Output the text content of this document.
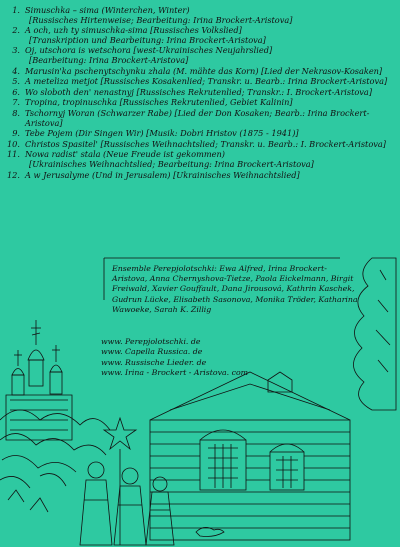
1. Simuschka – sima (Winterchen, Winter)
[Russisches Hirtenweise; Bearbeitung: Irina Brockert-Aristova]
2. A och, uzh ty simuschka-sima [Russisches Volkslied]
[Transkription und Bearbeitung: Irina Brockert-Aristova]
3. Oj, utschora is wetschora [west-Ukrainisches Neujahrslied]
[Bearbeitung: Irina Brockert-Aristova]
4. Marusin'ka pschenytschynku zhala (M. mähte das Korn) [Lied der Nekrasov-Kosaken]
5. A meteliza metjot [Russisches Kosakenlied; Transkr. u. Bearb.: Irina Brockert-Aristova]
6. Wo sloboth den' nenastnyj [Russisches Rekrutenlied; Transkr.: I. Brockert-Aristova]
7. Tropina, tropinuschka [Russisches Rekrutenlied, Gebiet Kalinin]
8. Tschornyj Woran (Schwarzer Rabe) [Lied der Don Kosaken; Bearb.: Irina Brockert-Aristova]
9. Tebe Pojem (Dir Singen Wir) [Musik: Dobri Hristov (1875 - 1941)]
10. Christos Spasitel' [Russisches Weihnachtslied; Transkr. u. Bearb.: I. Brockert-Aristova]
11. Nowa radist' stala (Neue Freude ist gekommen)
[Ukrainisches Weihnachtslied; Bearbeitung: Irina Brockert-Aristova]
12. A w Jerusalyme (Und in Jerusalem) [Ukrainisches Weihnachtslied]
Ensemble Perepjolotschki: Ewa Alfred, Irina Brockert-Aristova, Anna Chernyshova-Tietze, Paola Eickelmann, Birgit Freiwald, Xavier Gouffault, Dana Jirousová, Kathrin Kaschek, Gudrun Lücke, Elisabeth Sasonova, Monika Tröder, Katharina Wawoeke, Sarah K. Zillig
www. Perepjolotschki. de
www. Capella Russica. de
www. Russische Lieder. de
www. Irina - Brockert - Aristova. com
